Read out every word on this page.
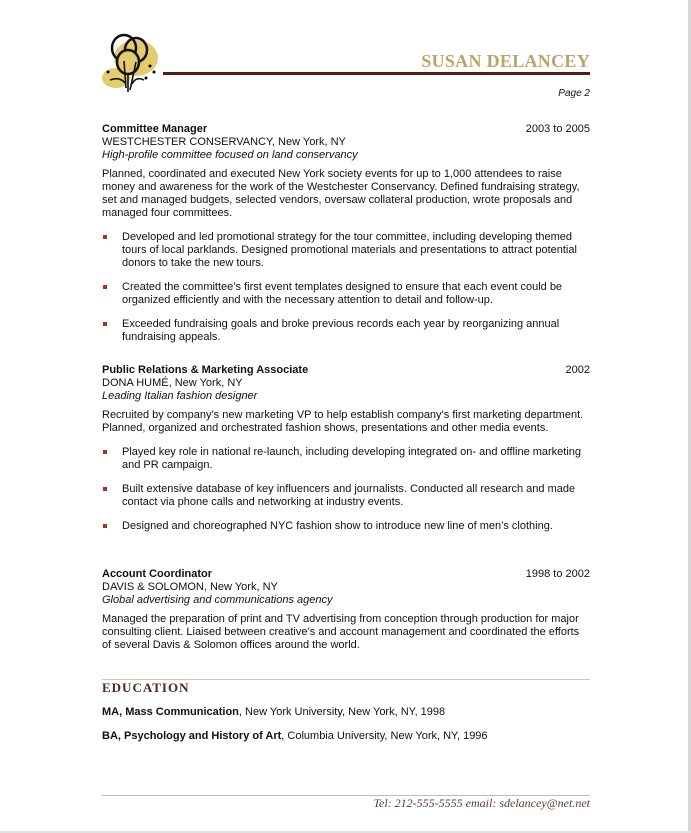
SUSAN DELANCEY
Page 2
Committee Manager	2003 to 2005
WESTCHESTER CONSERVANCY, New York, NY
High-profile committee focused on land conservancy
Planned, coordinated and executed New York society events for up to 1,000 attendees to raise money and awareness for the work of the Westchester Conservancy. Defined fundraising strategy, set and managed budgets, selected vendors, oversaw collateral production, wrote proposals and managed four committees.
Developed and led promotional strategy for the tour committee, including developing themed tours of local parklands. Designed promotional materials and presentations to attract potential donors to take the new tours.
Created the committee’s first event templates designed to ensure that each event could be organized efficiently and with the necessary attention to detail and follow-up.
Exceeded fundraising goals and broke previous records each year by reorganizing annual fundraising appeals.
Public Relations & Marketing Associate	2002
DONA HUMÉ, New York, NY
Leading Italian fashion designer
Recruited by company’s new marketing VP to help establish company’s first marketing department. Planned, organized and orchestrated fashion shows, presentations and other media events.
Played key role in national re-launch, including developing integrated on- and offline marketing and PR campaign.
Built extensive database of key influencers and journalists. Conducted all research and made contact via phone calls and networking at industry events.
Designed and choreographed NYC fashion show to introduce new line of men’s clothing.
Account Coordinator	1998 to 2002
DAVIS & SOLOMON, New York, NY
Global advertising and communications agency
Managed the preparation of print and TV advertising from conception through production for major consulting client. Liaised between creative’s and account management and coordinated the efforts of several Davis & Solomon offices around the world.
EDUCATION
MA, Mass Communication, New York University, New York, NY, 1998
BA, Psychology and History of Art, Columbia University, New York, NY, 1996
Tel: 212-555-5555 email: sdelancey@net.net
